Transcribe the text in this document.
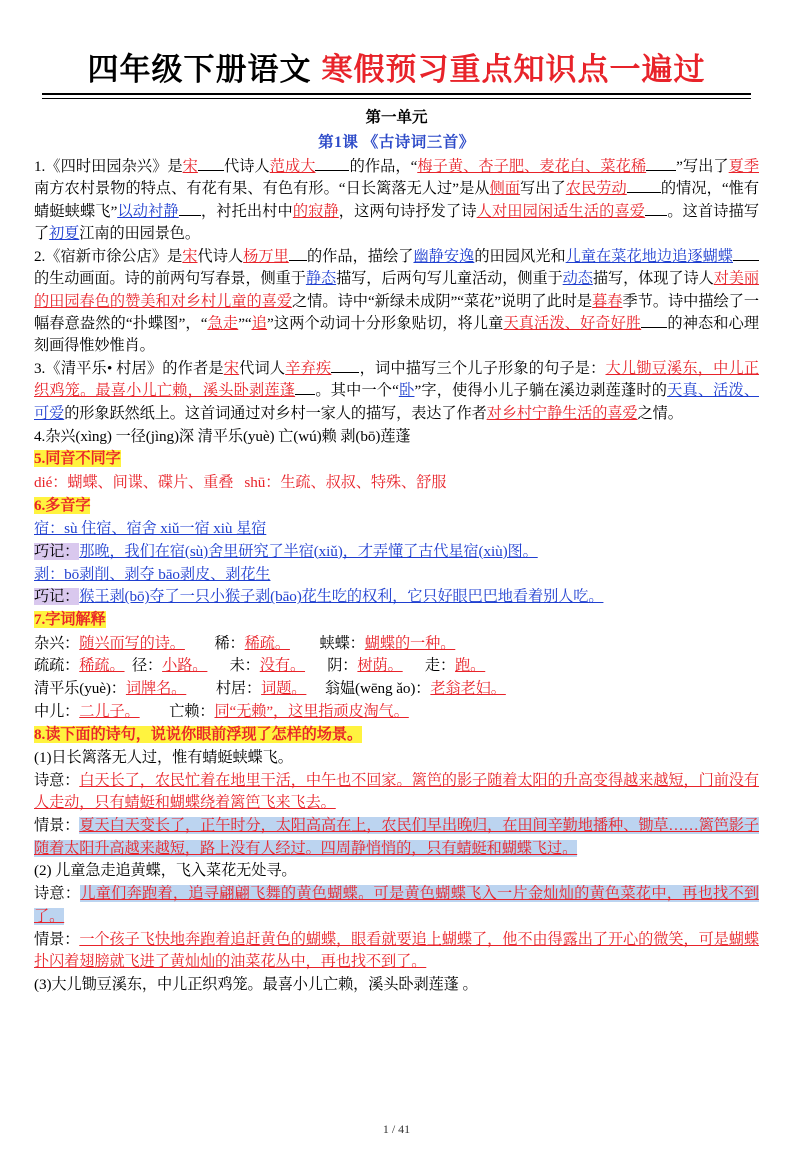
四年级下册语文 寒假预习重点知识点一遍过
第一单元
第1课 《古诗词三首》

1.《四时田园杂兴》是宋 代诗人范成大 的作品，“梅子黄、杏子肥、麦花白、菜花稀 ”写出了夏季南方农村景物的特点、有花有果、有色有形。“日长篱落无人过”是从侧面写出了农民劳动 的情况，“惟有蜻蜓蛱蝶飞”以动衬静 ，衬托出村中的寂静，这两句诗抒发了诗人对田园闲适生活的喜爱 。这首诗描写了初夏江南的田园景色。

2.《宿新市徐公店》是宋代诗人杨万里 的作品，描绘了幽静安逸的田园风光和儿童在菜花地边追逐蝴蝶的生动画面。诗的前两句写春景，侧重于静态描写，后两句写儿童活动，侧重于动态描写，体现了诗人对美丽的田园春色的赞美和对乡村儿童的喜爱之情。诗中“新绿未成阴”“菜花”说明了此时是暮春季节。诗中描绘了一幅春意盎然的“扑蝶图”，“急走”“追”这两个动词十分形象贴切，将儿童天真活泼、好奇好胜 的神态和心理刻画得惟妙惟肖。

3.《清平乐• 村居》的作者是宋代词人辛弃疾 ，词中描写三个儿子形象的句子是：大儿锄豆溪东，中儿正织鸡笼。最喜小儿亡赖，溪头卧剥莲蓬 。其中一个“卧”字，使得小儿子躺在溪边剥莲蓬时的天真、活泼、可爱的形象跃然纸上。这首词通过对乡村一家人的描写，表达了作者对乡村宁静生活的喜爱之情。

4.杂兴(xìng) 一径(jìng)深 清平乐(yuè) 亡(wú)赖 剥(bō)莲蓬

5.同音不同字

dié：蝴蝶、间谍、碟片、重叠 shū：生疏、叔叔、特殊、舒服

6.多音字

宿：sù 住宿、宿舍 xiǔ一宿 xiù 星宿

巧记：那晚，我们在宿(sù)舍里研究了半宿(xiǔ)，才弄懂了古代星宿(xiù)图。

剥：bō剥削、剥夺 bāo剥皮、剥花生

巧记：猴王剥(bō)夺了一只小猴子剥(bāo)花生吃的权利，它只好眼巴巴地看着别人吃。

7.字词解释

杂兴：随兴而写的诗。 稀：稀疏。 蛱蝶：蝴蝶的一种。

疏疏：稀疏。 径：小路。 未：没有。 阴：树荫。 走：跑。

清平乐(yuè)：词牌名。 村居：词题。 翁媪(wēng ǎo)：老翁老妇。

中儿：二儿子。 亡赖：同“无赖”，这里指顽皮淘气。

8.读下面的诗句，说说你眼前浮现了怎样的场景。

(1)日长篱落无人过，惟有蜻蜓蛱蝶飞。

诗意：白天长了，农民忙着在地里干活，中午也不回家。篱笆的影子随着太阳的升高变得越来越短，门前没有人走动，只有蜻蜓和蝴蝶绕着篱笆飞来飞去。

情景：夏天白天变长了，正午时分，太阳高高在上，农民们早出晚归，在田间辛勤地播种、锄草……篱笆影子随着太阳升高越来越短，路上没有人经过。四周静悄悄的，只有蜻蜓和蝴蝶飞过。

(2) 儿童急走追黄蝶，飞入菜花无处寻。

诗意：儿童们奔跑着，追寻翩翩飞舞的黄色蝴蝶。可是黄色蝴蝶飞入一片金灿灿的黄色菜花中，再也找不到了。

情景：一个孩子飞快地奔跑着追赶黄色的蝴蝶，眼看就要追上蝴蝶了，他不由得露出了开心的微笑，可是蝴蝶扑闪着翅膀就飞进了黄灿灿的油菜花丛中，再也找不到了。

(3)大儿锄豆溪东，中儿正织鸡笼。最喜小儿亡赖，溪头卧剥莲蓬 。

1 / 41
